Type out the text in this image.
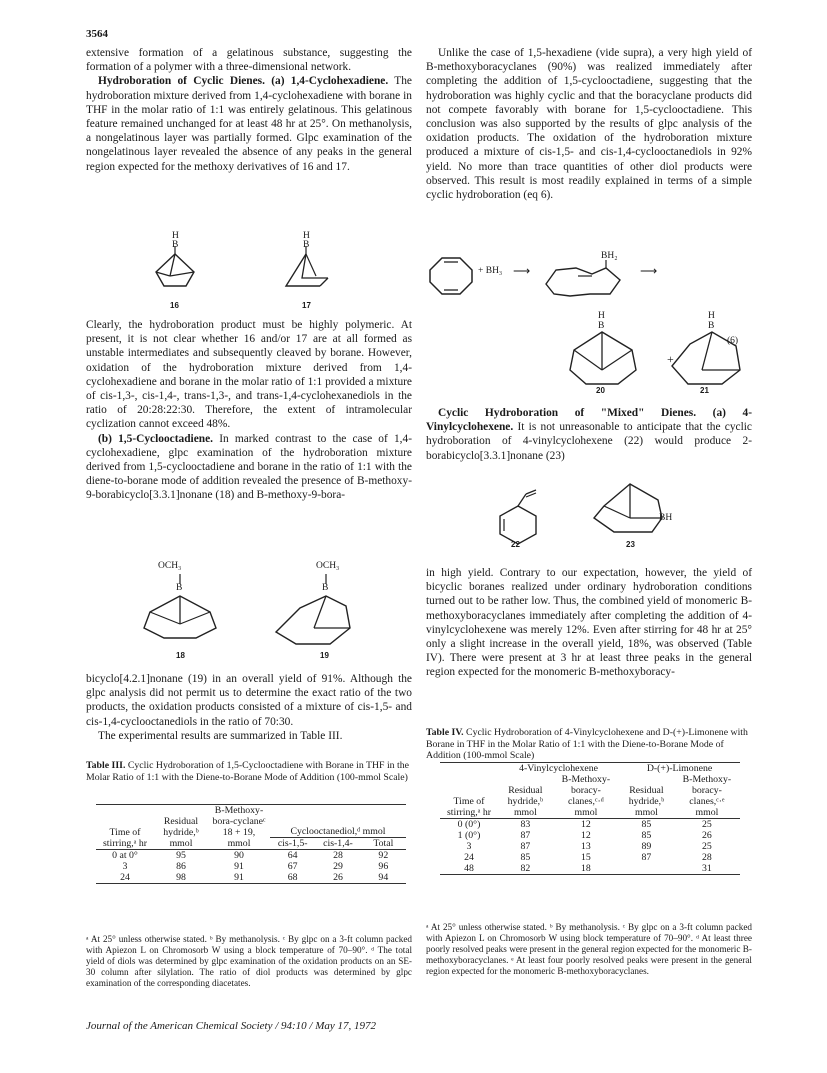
3564

extensive formation of a gelatinous substance, suggesting the formation of a polymer with a three-dimensional network.

Hydroboration of Cyclic Dienes. (a) 1,4-Cyclohexadiene. The hydroboration mixture derived from 1,4-cyclohexadiene with borane in THF in the molar ratio of 1:1 was entirely gelatinous. This gelatinous feature remained unchanged for at least 48 hr at 25°. On methanolysis, a nongelatinous layer was partially formed. Glpc examination of the nongelatinous layer revealed the absence of any peaks in the general region expected for the methoxy derivatives of 16 and 17.

H
B
16
H
B
17

Clearly, the hydroboration product must be highly polymeric. At present, it is not clear whether 16 and/or 17 are at all formed as unstable intermediates and subsequently cleaved by borane. However, oxidation of the hydroboration mixture derived from 1,4-cyclohexadiene and borane in the molar ratio of 1:1 provided a mixture of cis-1,3-, cis-1,4-, trans-1,3-, and trans-1,4-cyclohexanediols in the ratio of 20:28:22:30. Therefore, the extent of intramolecular cyclization cannot exceed 48%.

(b) 1,5-Cyclooctadiene. In marked contrast to the case of 1,4-cyclohexadiene, glpc examination of the hydroboration mixture derived from 1,5-cyclooctadiene and borane in the ratio of 1:1 with the diene-to-borane mode of addition revealed the presence of B-methoxy-9-borabicyclo[3.3.1]nonane (18) and B-methoxy-9-bora-

OCH₃
B
18
OCH₃
B
19

bicyclo[4.2.1]nonane (19) in an overall yield of 91%. Although the glpc analysis did not permit us to determine the exact ratio of the two products, the oxidation products consisted of a mixture of cis-1,5- and cis-1,4-cyclooctanediols in the ratio of 70:30.

The experimental results are summarized in Table III.

Table III. Cyclic Hydroboration of 1,5-Cyclooctadiene with Borane in THF in the Molar Ratio of 1:1 with the Diene-to-Borane Mode of Addition (100-mmol Scale)
Time of stirring,ᵃ hr	Residual hydride,ᵇ mmol	B-Methoxy-bora-cyclaneᶜ 18 + 19, mmol	Cyclooctanediol,ᵈ mmol
cis-1,5- cis-1,4- Total		

0 at 0°	95	90	64	28	92
3	86	91	67	29	96
24	98	91	68	26	94
ᵃ At 25° unless otherwise stated. ᵇ By methanolysis. ᶜ By glpc on a 3-ft column packed with Apiezon L on Chromosorb W using a block temperature of 70–90°. ᵈ The total yield of diols was determined by glpc examination of the oxidation products on an SE-30 column after silylation. The ratio of diol products was determined by glpc examination of the corresponding diacetates.

Unlike the case of 1,5-hexadiene (vide supra), a very high yield of B-methoxyboracyclanes (90%) was realized immediately after completing the addition of 1,5-cyclooctadiene, suggesting that the hydroboration was highly cyclic and that the boracyclane products did not compete favorably with borane for 1,5-cyclooctadiene. This conclusion was also supported by the results of glpc analysis of the oxidation products. The oxidation of the hydroboration mixture produced a mixture of cis-1,5- and cis-1,4-cyclooctanediols in 92% yield. No more than trace quantities of other diol products were observed. This result is most readily explained in terms of a simple cyclic hydroboration (eq 6).

+ BH₃ ⟶
BH₂
⟶
H
B
20
+
H
B
21
(6)

Cyclic Hydroboration of "Mixed" Dienes. (a) 4-Vinylcyclohexene. It is not unreasonable to anticipate that the cyclic hydroboration of 4-vinylcyclohexene (22) would produce 2-borabicyclo[3.3.1]nonane (23)

22
BH
23

in high yield. Contrary to our expectation, however, the yield of bicyclic boranes realized under ordinary hydroboration conditions turned out to be rather low. Thus, the combined yield of monomeric B-methoxyboracyclanes immediately after completing the addition of 4-vinylcyclohexene was merely 12%. Even after stirring for 48 hr at 25° only a slight increase in the overall yield, 18%, was observed (Table IV). There were present at 3 hr at least three peaks in the general region expected for the monomeric B-methoxyboracy-

Table IV. Cyclic Hydroboration of 4-Vinylcyclohexene and D-(+)-Limonene with Borane in THF in the Molar Ratio of 1:1 with the Diene-to-Borane Mode of Addition (100-mmol Scale)
Time of stirring,ᵃ hr	4-Vinylcyclohexene		D-(+)-Limonene	
	Residual hydride,ᵇ mmol	B-Methoxy-boracy-clanes,ᶜ·ᵈ mmol	Residual hydride,ᵇ mmol	B-Methoxy-boracy-clanes,ᶜ·ᵉ mmol
0 (0°)	83	12	85	25
1 (0°)	87	12	85	26
3	87	13	89	25
24	85	15	87	28
48	82	18		31
ᵃ At 25° unless otherwise stated. ᵇ By methanolysis. ᶜ By glpc on a 3-ft column packed with Apiezon L on Chromosorb W using block temperature of 70–90°. ᵈ At least three poorly resolved peaks were present in the general region expected for the monomeric B-methoxyboracyclanes. ᵉ At least four poorly resolved peaks were present in the general region expected for the monomeric B-methoxyboracyclanes.
Journal of the American Chemical Society / 94:10 / May 17, 1972
